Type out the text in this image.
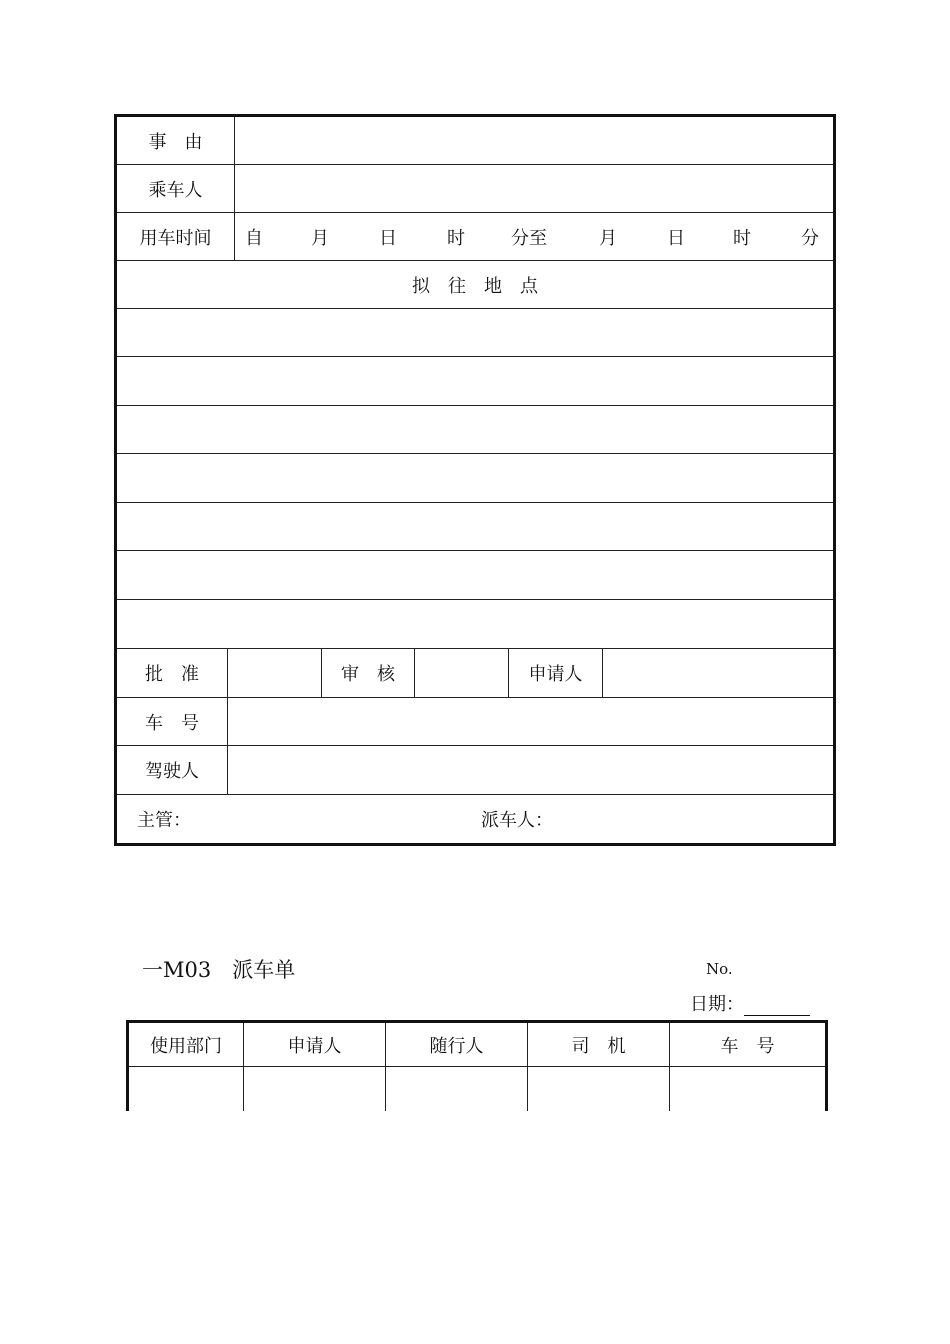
事　由
乘车人
用车时间	自	月	日	时	分至	月	日	时	分
拟　往　地　点
批　准	审　核	申请人
车　号
驾驶人
主管：	派车人：
一M03　派车单	No.
日期：
使用部门	申请人	随行人	司　机	车　号
